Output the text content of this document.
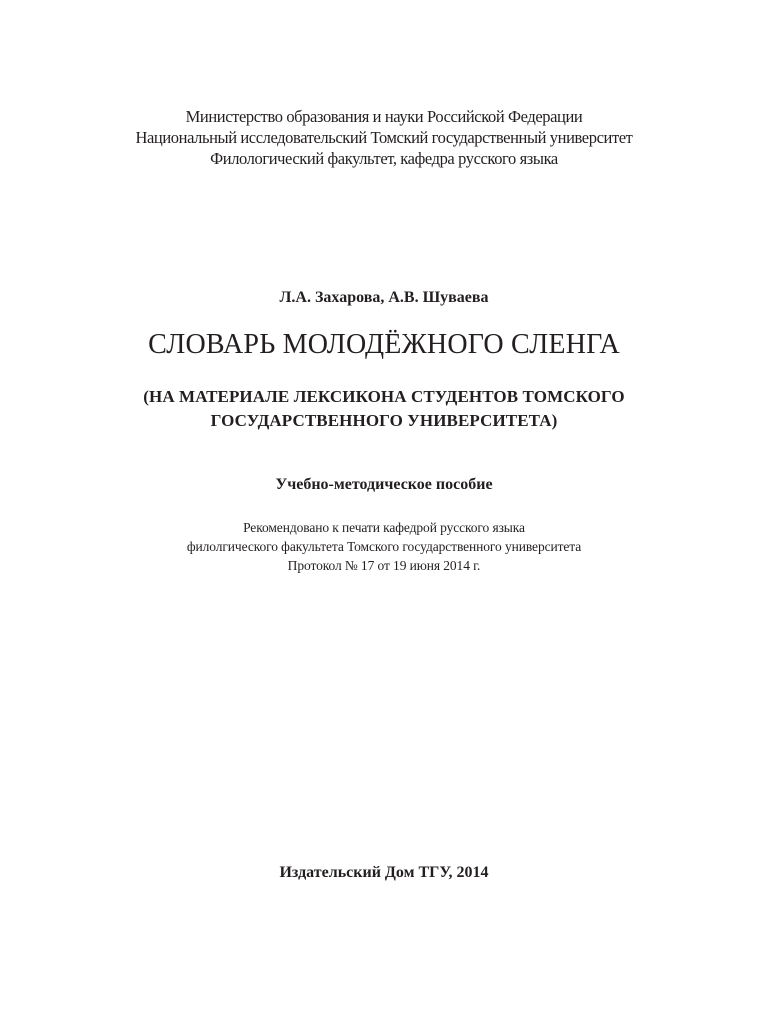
Министерство образования и науки Российской Федерации
Национальный исследовательский Томский государственный университет
Филологический факультет, кафедра русского языка
Л.А. Захарова, А.В. Шуваева
СЛОВАРЬ МОЛОДЁЖНОГО СЛЕНГА
(НА МАТЕРИАЛЕ ЛЕКСИКОНА СТУДЕНТОВ ТОМСКОГО
ГОСУДАРСТВЕННОГО УНИВЕРСИТЕТА)
Учебно-методическое пособие
Рекомендовано к печати кафедрой русского языка
филолгического факультета Томского государственного университета
Протокол № 17 от 19 июня 2014 г.
Издательский Дом ТГУ, 2014
